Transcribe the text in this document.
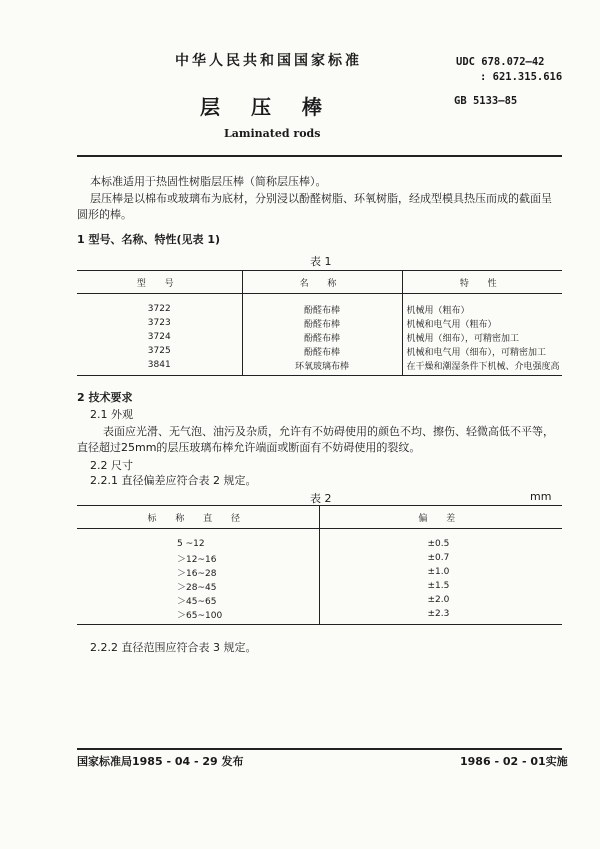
中华人民共和国国家标准	UDC 678.072—42
: 621.315.616
GB 5133—85
层 压 棒
Laminated rods
本标准适用于热固性树脂层压棒（简称层压棒）。
层压棒是以棉布或玻璃布为底材，分别浸以酚醛树脂、环氧树脂，经成型模具热压而成的截面呈圆形的棒。
1 型号、名称、特性(见表 1)
表 1
型 号	名 称	特 性
3722	酚醛布棒	机械用（粗布）
3723	酚醛布棒	机械和电气用（粗布）
3724	酚醛布棒	机械用（细布），可精密加工
3725	酚醛布棒	机械和电气用（细布），可精密加工
3841	环氧玻璃布棒	在干燥和潮湿条件下机械、介电强度高
2 技术要求
2.1 外观
表面应光滑、无气泡、油污及杂质，允许有不妨碍使用的颜色不均、擦伤、轻微高低不平等，直径超过25mm的层压玻璃布棒允许端面或断面有不妨碍使用的裂纹。
2.2 尺寸
2.2.1 直径偏差应符合表 2 规定。
表 2	mm
标 称 直 径	偏 差
5 ~12	±0.5
＞12~16	±0.7
＞16~28	±1.0
＞28~45	±1.5
＞45~65	±2.0
＞65~100	±2.3
2.2.2 直径范围应符合表 3 规定。
国家标准局1985 - 04 - 29 发布	1986 - 02 - 01实施
